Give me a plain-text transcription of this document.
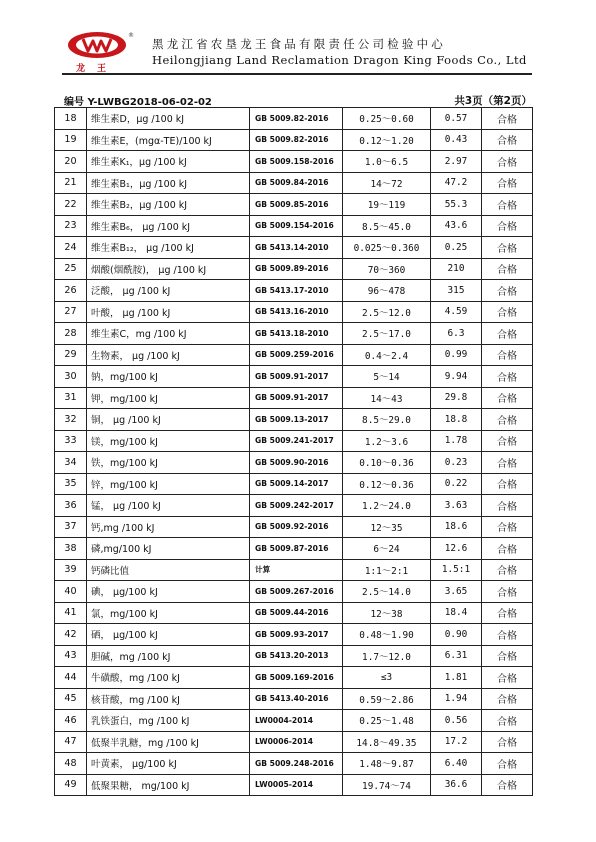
龙王
®
黑龙江省农垦龙王食品有限责任公司检验中心
Heilongjiang Land Reclamation Dragon King Foods Co., Ltd
编号 Y-LWBG2018-06-02-02	共3页（第2页）
18	维生素D，μg /100 kJ	GB 5009.82-2016	0.25～0.60	0.57	合格
19	维生素E，(mgα-TE)/100 kJ	GB 5009.82-2016	0.12～1.20	0.43	合格
20	维生素K₁，μg /100 kJ	GB 5009.158-2016	1.0～6.5	2.97	合格
21	维生素B₁，μg /100 kJ	GB 5009.84-2016	14～72	47.2	合格
22	维生素B₂，μg /100 kJ	GB 5009.85-2016	19～119	55.3	合格
23	维生素B₆， μg /100 kJ	GB 5009.154-2016	8.5～45.0	43.6	合格
24	维生素B₁₂， μg /100 kJ	GB 5413.14-2010	0.025～0.360	0.25	合格
25	烟酸(烟酰胺)， μg /100 kJ	GB 5009.89-2016	70～360	210	合格
26	泛酸， μg /100 kJ	GB 5413.17-2010	96～478	315	合格
27	叶酸， μg /100 kJ	GB 5413.16-2010	2.5～12.0	4.59	合格
28	维生素C，mg /100 kJ	GB 5413.18-2010	2.5～17.0	6.3	合格
29	生物素， μg /100 kJ	GB 5009.259-2016	0.4～2.4	0.99	合格
30	钠，mg/100 kJ	GB 5009.91-2017	5～14	9.94	合格
31	钾，mg/100 kJ	GB 5009.91-2017	14～43	29.8	合格
32	铜， μg /100 kJ	GB 5009.13-2017	8.5～29.0	18.8	合格
33	镁，mg/100 kJ	GB 5009.241-2017	1.2～3.6	1.78	合格
34	铁，mg/100 kJ	GB 5009.90-2016	0.10～0.36	0.23	合格
35	锌，mg/100 kJ	GB 5009.14-2017	0.12～0.36	0.22	合格
36	锰， μg /100 kJ	GB 5009.242-2017	1.2～24.0	3.63	合格
37	钙,mg /100 kJ	GB 5009.92-2016	12～35	18.6	合格
38	磷,mg/100 kJ	GB 5009.87-2016	6～24	12.6	合格
39	钙磷比值	计算	1:1～2:1	1.5:1	合格
40	碘， μg/100 kJ	GB 5009.267-2016	2.5～14.0	3.65	合格
41	氯，mg/100 kJ	GB 5009.44-2016	12～38	18.4	合格
42	硒， μg/100 kJ	GB 5009.93-2017	0.48～1.90	0.90	合格
43	胆碱，mg /100 kJ	GB 5413.20-2013	1.7～12.0	6.31	合格
44	牛磺酸，mg /100 kJ	GB 5009.169-2016	≤3	1.81	合格
45	核苷酸，mg /100 kJ	GB 5413.40-2016	0.59～2.86	1.94	合格
46	乳铁蛋白，mg /100 kJ	LW0004-2014	0.25～1.48	0.56	合格
47	低聚半乳糖，mg /100 kJ	LW0006-2014	14.8～49.35	17.2	合格
48	叶黄素， μg/100 kJ	GB 5009.248-2016	1.48～9.87	6.40	合格
49	低聚果糖， mg/100 kJ	LW0005-2014	19.74～74	36.6	合格
